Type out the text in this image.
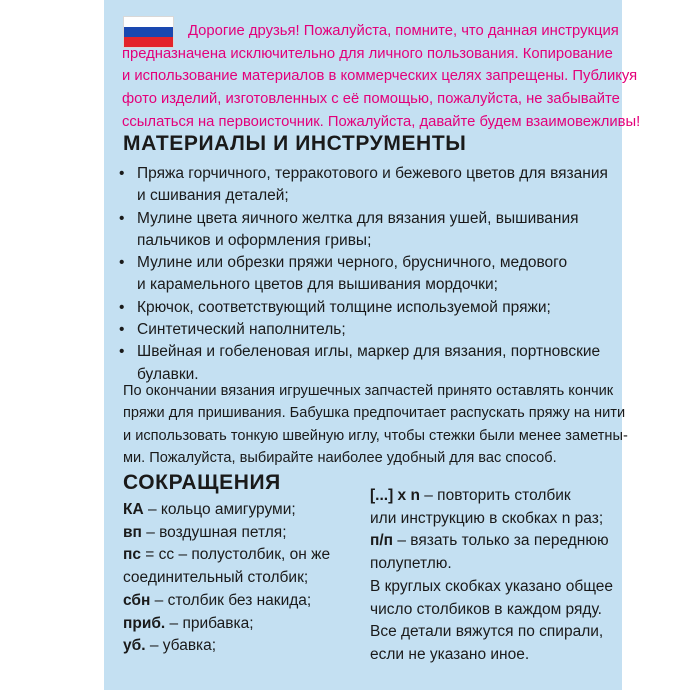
Дорогие друзья! Пожалуйста, помните, что данная инструкция
предназначена исключительно для личного пользования. Копирование
и использование материалов в коммерческих целях запрещены. Публикуя
фото изделий, изготовленных с её помощью, пожалуйста, не забывайте
ссылаться на первоисточник. Пожалуйста, давайте будем взаимовежливы!

МАТЕРИАЛЫ И ИНСТРУМЕНТЫ
• Пряжа горчичного, терракотового и бежевого цветов для вязания
и сшивания деталей;
• Мулине цвета яичного желтка для вязания ушей, вышивания
пальчиков и оформления гривы;
• Мулине или обрезки пряжи черного, брусничного, медового
и карамельного цветов для вышивания мордочки;
• Крючок, соответствующий толщине используемой пряжи;
• Синтетический наполнитель;
• Швейная и гобеленовая иглы, маркер для вязания, портновские
булавки.

По окончании вязания игрушечных запчастей принято оставлять кончик
пряжи для пришивания. Бабушка предпочитает распускать пряжу на нити
и использовать тонкую швейную иглу, чтобы стежки были менее заметны-
ми. Пожалуйста, выбирайте наиболее удобный для вас способ.

СОКРАЩЕНИЯ
КА – кольцо амигуруми;
вп – воздушная петля;
пс = сс – полустолбик, он же
соединительный столбик;
сбн – столбик без накида;
приб. – прибавка;
уб. – убавка;
[...] x n – повторить столбик
или инструкцию в скобках n раз;
п/п – вязать только за переднюю
полупетлю.
В круглых скобках указано общее
число столбиков в каждом ряду.
Все детали вяжутся по спирали,
если не указано иное.
